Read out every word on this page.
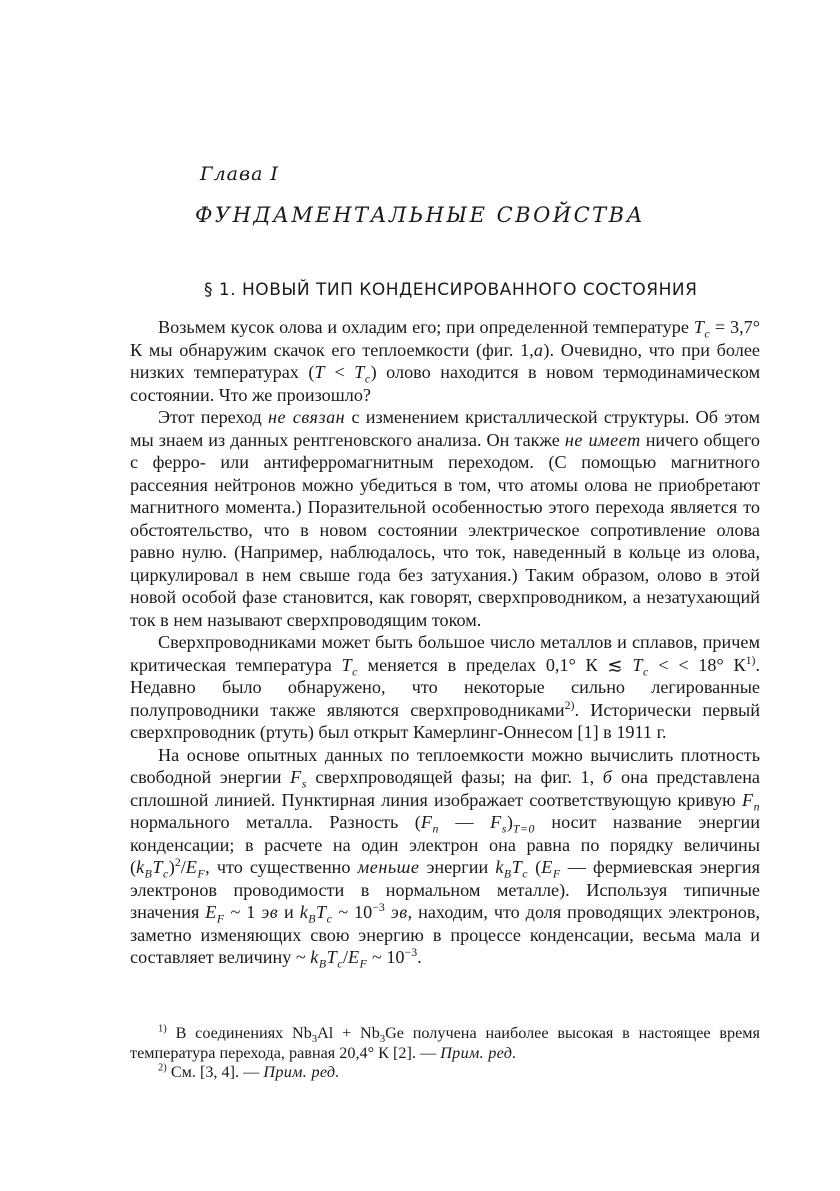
Глава I
ФУНДАМЕНТАЛЬНЫЕ СВОЙСТВА
§ 1. НОВЫЙ ТИП КОНДЕНСИРОВАННОГО СОСТОЯНИЯ

Возьмем кусок олова и охладим его; при определенной температуре $T_c = 3,7^\circ$ К мы обнаружим скачок его теплоемкости (фиг. 1,а). Очевидно, что при более низких температурах $(T < T_c)$ олово находится в новом термодинамическом состоянии. Что же произошло?

Этот переход не связан с изменением кристаллической структуры. Об этом мы знаем из данных рентгеновского анализа. Он также не имеет ничего общего с ферро- или антиферромагнитным переходом. (С помощью магнитного рассеяния нейтронов можно убедиться в том, что атомы олова не приобретают магнитного момента.) Поразительной особенностью этого перехода является то обстоятельство, что в новом состоянии электрическое сопротивление олова равно нулю. (Например, наблюдалось, что ток, наведенный в кольце из олова, циркулировал в нем свыше года без затухания.) Таким образом, олово в этой новой особой фазе становится, как говорят, сверхпроводником, а незатухающий ток в нем называют сверхпроводящим током.

Сверхпроводниками может быть большое число металлов и сплавов, причем критическая температура $T_c$ меняется в пределах 0,1° К ≲ $T_c$ < < 18° $К^{1)}$. Недавно было обнаружено, что некоторые сильно легированные полупроводники также являются сверхпроводниками$^{2)}$. Исторически первый сверхпроводник (ртуть) был открыт Камерлинг-Оннесом [1] в 1911 г.

На основе опытных данных по теплоемкости можно вычислить плотность свободной энергии $F_s$ сверхпроводящей фазы; на фиг. 1, б она представлена сплошной линией. Пунктирная линия изображает соответствующую кривую $F_n$ нормального металла. Разность ($F_n$ — $F_s)_{T=0}$ носит название энергии конденсации; в расчете на один электрон она равна по порядку величины $(k_BT_c)^2/E_F$, что существенно меньше энергии $k_BT_c$ ($E_F$ — фермиевская энергия электронов проводимости в нормальном металле). Используя типичные значения $E_F$ ~ 1 эв и $k_BT_c$ ~ $10^{-3}$ эв, находим, что доля проводящих электронов, заметно изменяющих свою энергию в процессе конденсации, весьма мала и составляет величину ~ $k_BT_c/E_F$ ~ $10^{-3}$.

$^{1)}$ В соединениях $Nb_3Al + Nb_3Ge$ получена наиболее высокая в настоящее время температура перехода, равная 20,4° К [2]. — Прим. ред.

$^{2)}$ См. [3, 4]. — Прим. ред.
